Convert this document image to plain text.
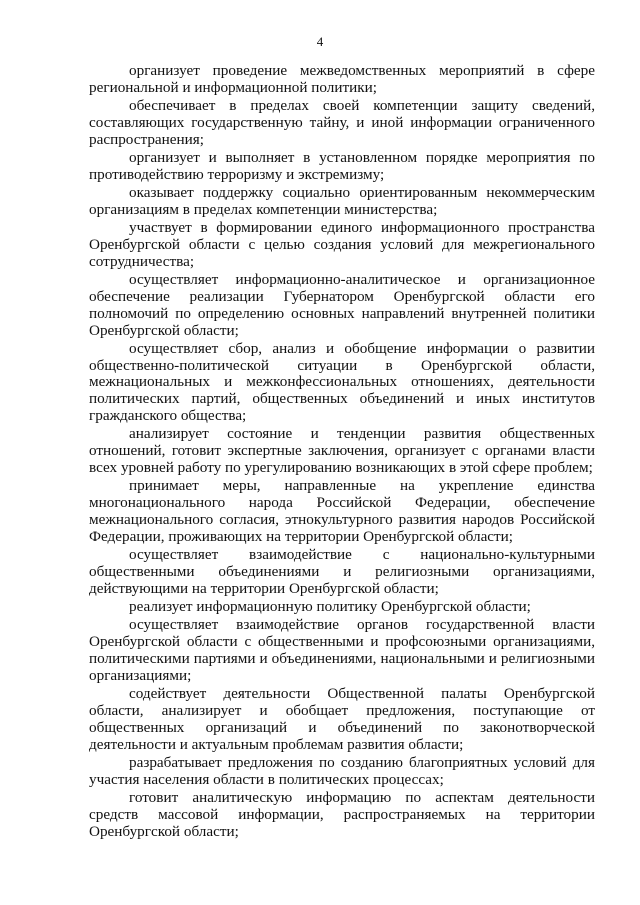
4

организует проведение межведомственных мероприятий в сфере региональной и информационной политики;

обеспечивает в пределах своей компетенции защиту сведений, составляющих государственную тайну, и иной информации ограниченного распространения;

организует и выполняет в установленном порядке мероприятия по противодействию терроризму и экстремизму;

оказывает поддержку социально ориентированным некоммерческим организациям в пределах компетенции министерства;

участвует в формировании единого информационного пространства Оренбургской области с целью создания условий для межрегионального сотрудничества;

осуществляет информационно-аналитическое и организационное обеспечение реализации Губернатором Оренбургской области его полномочий по определению основных направлений внутренней политики Оренбургской области;

осуществляет сбор, анализ и обобщение информации о развитии общественно-политической ситуации в Оренбургской области, межнациональных и межконфессиональных отношениях, деятельности политических партий, общественных объединений и иных институтов гражданского общества;

анализирует состояние и тенденции развития общественных отношений, готовит экспертные заключения, организует с органами власти всех уровней работу по урегулированию возникающих в этой сфере проблем;

принимает меры, направленные на укрепление единства многонационального народа Российской Федерации, обеспечение межнационального согласия, этнокультурного развития народов Российской Федерации, проживающих на территории Оренбургской области;

осуществляет взаимодействие с национально-культурными общественными объединениями и религиозными организациями, действующими на территории Оренбургской области;

реализует информационную политику Оренбургской области;

осуществляет взаимодействие органов государственной власти Оренбургской области с общественными и профсоюзными организациями, политическими партиями и объединениями, национальными и религиозными организациями;

содействует деятельности Общественной палаты Оренбургской области, анализирует и обобщает предложения, поступающие от общественных организаций и объединений по законотворческой деятельности и актуальным проблемам развития области;

разрабатывает предложения по созданию благоприятных условий для участия населения области в политических процессах;

готовит аналитическую информацию по аспектам деятельности средств массовой информации, распространяемых на территории Оренбургской области;
